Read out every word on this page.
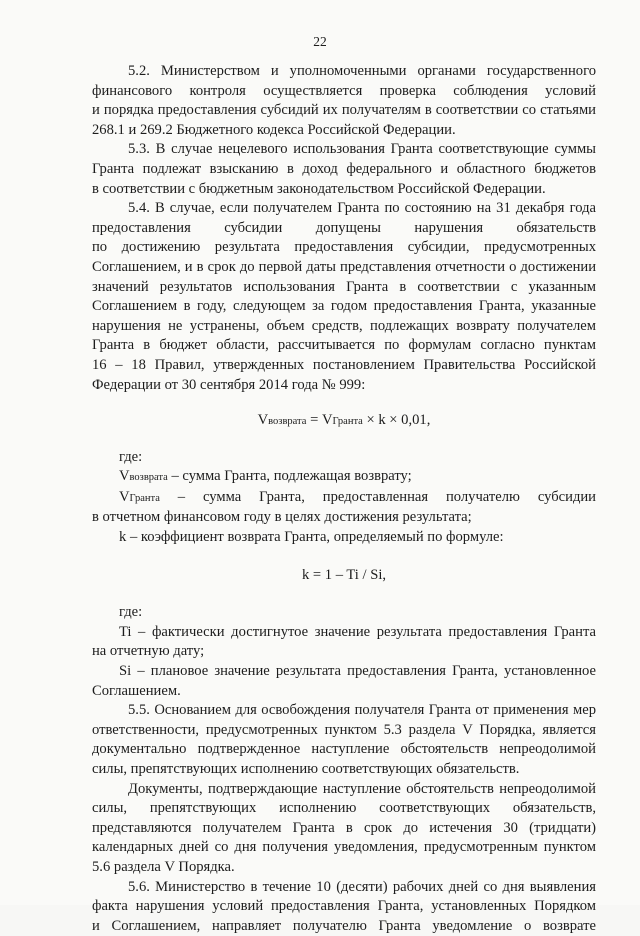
22
5.2. Министерством и уполномоченными органами государственного
финансового контроля осуществляется проверка соблюдения условий
и порядка предоставления субсидий их получателям в соответствии со статьями
268.1 и 269.2 Бюджетного кодекса Российской Федерации.
5.3. В случае нецелевого использования Гранта соответствующие суммы
Гранта подлежат взысканию в доход федерального и областного бюджетов
в соответствии с бюджетным законодательством Российской Федерации.
5.4. В случае, если получателем Гранта по состоянию на 31 декабря года
предоставления субсидии допущены нарушения обязательств
по достижению результата предоставления субсидии, предусмотренных
Соглашением, и в срок до первой даты представления отчетности о достижении
значений результатов использования Гранта в соответствии с указанным
Соглашением в году, следующем за годом предоставления Гранта, указанные
нарушения не устранены, объем средств, подлежащих возврату получателем
Гранта в бюджет области, рассчитывается по формулам согласно пунктам
16 – 18 Правил, утвержденных постановлением Правительства Российской
Федерации от 30 сентября 2014 года № 999:
Vвозврата = VГранта × k × 0,01,
где:
Vвозврата – сумма Гранта, подлежащая возврату;
VГранта – сумма Гранта, предоставленная получателю субсидии
в отчетном финансовом году в целях достижения результата;
k – коэффициент возврата Гранта, определяемый по формуле:
k = 1 – Ti / Si,
где:
Ti – фактически достигнутое значение результата предоставления Гранта
на отчетную дату;
Si – плановое значение результата предоставления Гранта, установленное
Соглашением.
5.5. Основанием для освобождения получателя Гранта от применения мер
ответственности, предусмотренных пунктом 5.3 раздела V Порядка, является
документально подтвержденное наступление обстоятельств непреодолимой
силы, препятствующих исполнению соответствующих обязательств.
Документы, подтверждающие наступление обстоятельств непреодолимой
силы, препятствующих исполнению соответствующих обязательств,
представляются получателем Гранта в срок до истечения 30 (тридцати)
календарных дней со дня получения уведомления, предусмотренным пунктом
5.6 раздела V Порядка.
5.6. Министерство в течение 10 (десяти) рабочих дней со дня выявления
факта нарушения условий предоставления Гранта, установленных Порядком
и Соглашением, направляет получателю Гранта уведомление о возврате
